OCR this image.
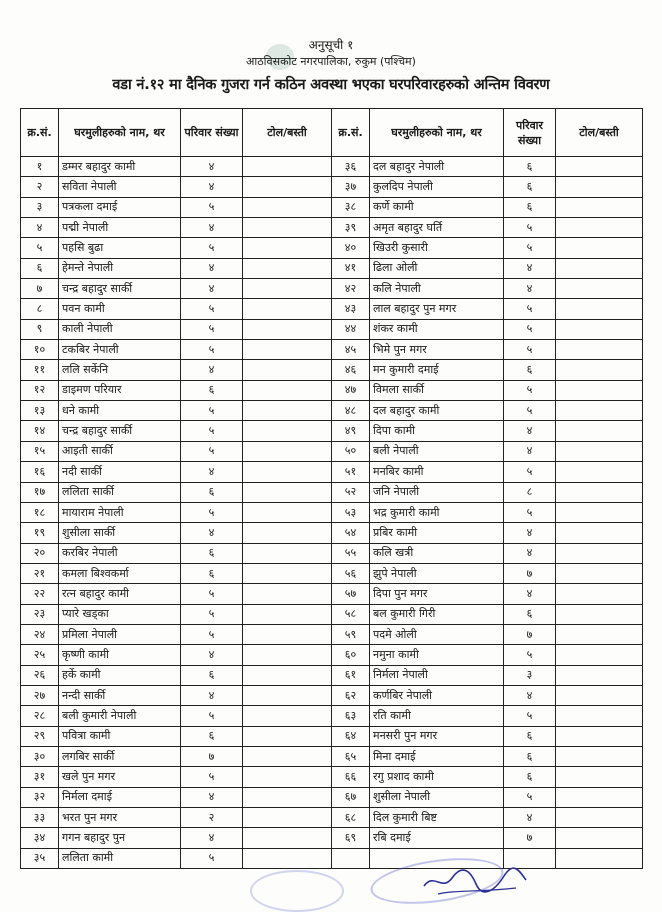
अनुसूची १
आठविसकोट नगरपालिका, रुकुम (पश्चिम)
वडा नं.१२ मा दैनिक गुजरा गर्न कठिन अवस्था भएका घरपरिवारहरुको अन्तिम विवरण
क्र.सं.	घरमुलीहरुको नाम, थर	परिवार संख्या	टोल/बस्ती	क्र.सं.	घरमुलीहरुको नाम, थर	परिवार संख्या	टोल/बस्ती
१	डम्मर बहादुर कामी	४		३६	दल बहादुर नेपाली	६	
२	सविता नेपाली	४		३७	कुलदिप नेपाली	६	
३	पत्रकला दमाई	५		३८	कर्णे कामी	६	
४	पद्मी नेपाली	४		३९	अमृत बहादुर घर्ति	५	
५	पहसि बुढा	५		४०	खिउरी कुसारी	५	
६	हेमन्ते नेपाली	४		४१	ढिला ओली	४	
७	चन्द्र बहादुर सार्की	४		४२	कलि नेपाली	४	
८	पवन कामी	५		४३	लाल बहादुर पुन मगर	५	
९	काली नेपाली	५		४४	शंकर कामी	५	
१०	टकबिर नेपाली	५		४५	भिमे पुन मगर	५	
११	ललि सर्केनि	४		४६	मन कुमारी दमाई	६	
१२	डाइमण परियार	६		४७	विमला सार्की	५	
१३	धने कामी	५		४८	दल बहादुर कामी	५	
१४	चन्द्र बहादुर सार्की	५		४९	दिपा कामी	४	
१५	आइती सार्की	५		५०	बली नेपाली	४	
१६	नदी सार्की	४		५१	मनबिर कामी	५	
१७	ललिता सार्की	६		५२	जनि नेपाली	८	
१८	मायाराम नेपाली	५		५३	भद्र कुमारी कामी	५	
१९	शुसीला सार्की	४		५४	प्रबिर कामी	४	
२०	करबिर नेपाली	६		५५	कलि खत्री	४	
२१	कमला बिश्वकर्मा	६		५६	झुपे नेपाली	७	
२२	रत्न बहादुर कामी	५		५७	दिपा पुन मगर	४	
२३	प्यारे खड्का	५		५८	बल कुमारी गिरी	६	
२४	प्रमिला नेपाली	५		५९	पदमे ओली	७	
२५	कृष्णी कामी	४		६०	नमुना कामी	५	
२६	हर्के कामी	६		६१	निर्मला नेपाली	३	
२७	नन्दी सार्की	४		६२	कर्णबिर नेपाली	४	
२८	बली कुमारी नेपाली	५		६३	रति कामी	५	
२९	पवित्रा कामी	६		६४	मनसरी पुन मगर	६	
३०	लगबिर सार्की	७		६५	मिना दमाई	६	
३१	खले पुन मगर	५		६६	रगु प्रशाद कामी	६	
३२	निर्मला दमाई	४		६७	शुसीला नेपाली	५	
३३	भरत पुन मगर	२		६८	दिल कुमारी बिष्ट	४	
३४	गगन बहादुर पुन	४		६९	रबि दमाई	७	
३५	ललिता कामी	५					
